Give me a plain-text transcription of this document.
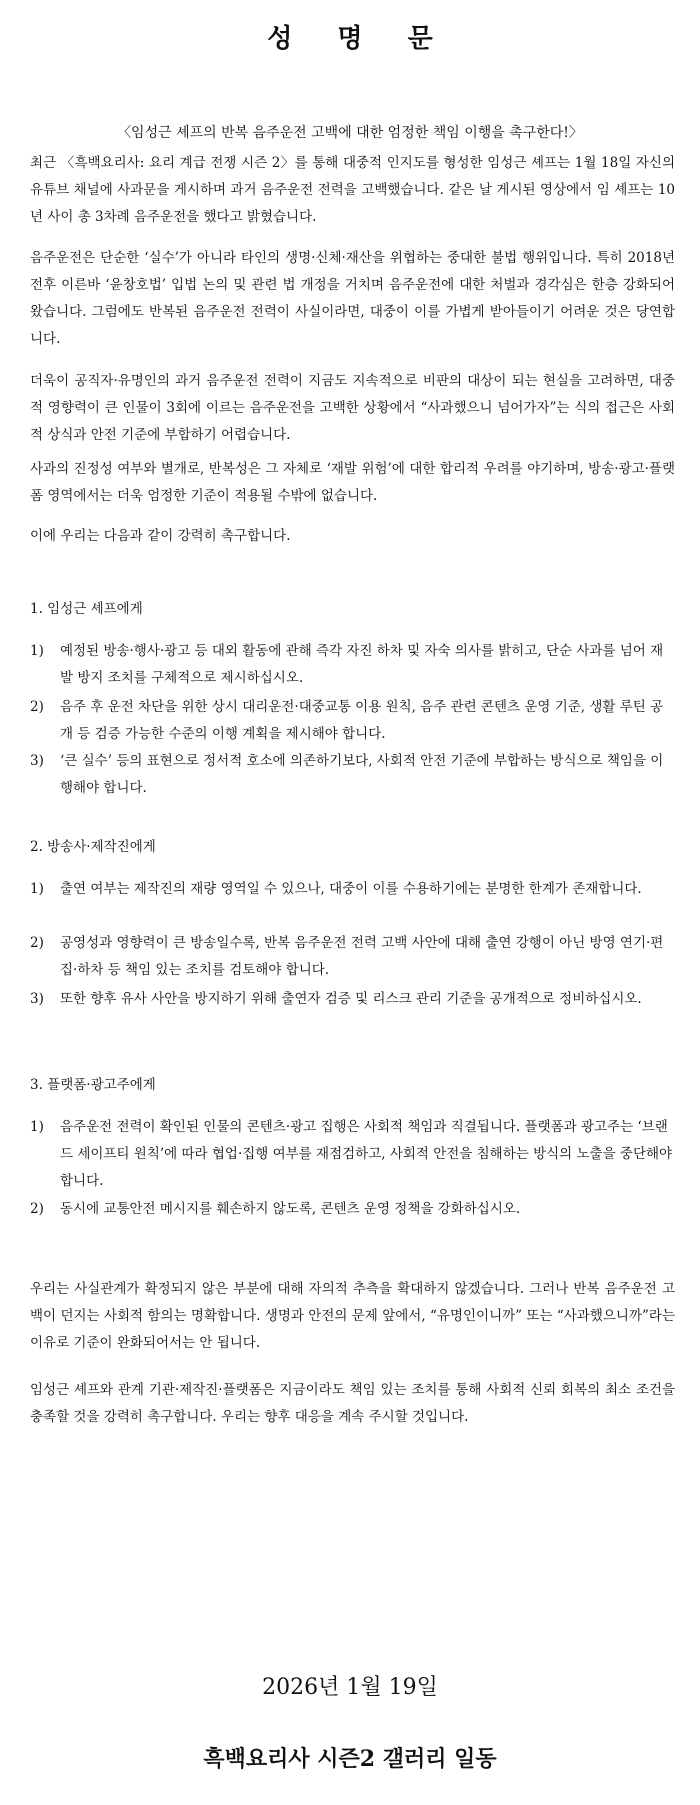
성 명 문
〈임성근 셰프의 반복 음주운전 고백에 대한 엄정한 책임 이행을 촉구한다!〉

최근 〈흑백요리사: 요리 계급 전쟁 시즌 2〉를 통해 대중적 인지도를 형성한 임성근 셰프는 1월 18일 자신의 유튜브 채널에 사과문을 게시하며 과거 음주운전 전력을 고백했습니다. 같은 날 게시된 영상에서 임 셰프는 10년 사이 총 3차례 음주운전을 했다고 밝혔습니다.

음주운전은 단순한 ‘실수’가 아니라 타인의 생명·신체·재산을 위협하는 중대한 불법 행위입니다. 특히 2018년 전후 이른바 ‘윤창호법’ 입법 논의 및 관련 법 개정을 거치며 음주운전에 대한 처벌과 경각심은 한층 강화되어 왔습니다. 그럼에도 반복된 음주운전 전력이 사실이라면, 대중이 이를 가볍게 받아들이기 어려운 것은 당연합니다.

더욱이 공직자·유명인의 과거 음주운전 전력이 지금도 지속적으로 비판의 대상이 되는 현실을 고려하면, 대중적 영향력이 큰 인물이 3회에 이르는 음주운전을 고백한 상황에서 “사과했으니 넘어가자”는 식의 접근은 사회적 상식과 안전 기준에 부합하기 어렵습니다.

사과의 진정성 여부와 별개로, 반복성은 그 자체로 ‘재발 위험’에 대한 합리적 우려를 야기하며, 방송·광고·플랫폼 영역에서는 더욱 엄정한 기준이 적용될 수밖에 없습니다.

이에 우리는 다음과 같이 강력히 촉구합니다.

1. 임성근 셰프에게
1) 예정된 방송·행사·광고 등 대외 활동에 관해 즉각 자진 하차 및 자숙 의사를 밝히고, 단순 사과를 넘어 재발 방지 조치를 구체적으로 제시하십시오.
2) 음주 후 운전 차단을 위한 상시 대리운전·대중교통 이용 원칙, 음주 관련 콘텐츠 운영 기준, 생활 루틴 공개 등 검증 가능한 수준의 이행 계획을 제시해야 합니다.
3) ‘큰 실수’ 등의 표현으로 정서적 호소에 의존하기보다, 사회적 안전 기준에 부합하는 방식으로 책임을 이행해야 합니다.
2. 방송사·제작진에게
1) 출연 여부는 제작진의 재량 영역일 수 있으나, 대중이 이를 수용하기에는 분명한 한계가 존재합니다.
2) 공영성과 영향력이 큰 방송일수록, 반복 음주운전 전력 고백 사안에 대해 출연 강행이 아닌 방영 연기·편집·하차 등 책임 있는 조치를 검토해야 합니다.
3) 또한 향후 유사 사안을 방지하기 위해 출연자 검증 및 리스크 관리 기준을 공개적으로 정비하십시오.
3. 플랫폼·광고주에게
1) 음주운전 전력이 확인된 인물의 콘텐츠·광고 집행은 사회적 책임과 직결됩니다. 플랫폼과 광고주는 ‘브랜드 세이프티 원칙’에 따라 협업·집행 여부를 재점검하고, 사회적 안전을 침해하는 방식의 노출을 중단해야 합니다.
2) 동시에 교통안전 메시지를 훼손하지 않도록, 콘텐츠 운영 정책을 강화하십시오.

우리는 사실관계가 확정되지 않은 부분에 대해 자의적 추측을 확대하지 않겠습니다. 그러나 반복 음주운전 고백이 던지는 사회적 함의는 명확합니다. 생명과 안전의 문제 앞에서, “유명인이니까” 또는 “사과했으니까”라는 이유로 기준이 완화되어서는 안 됩니다.

임성근 셰프와 관계 기관·제작진·플랫폼은 지금이라도 책임 있는 조치를 통해 사회적 신뢰 회복의 최소 조건을 충족할 것을 강력히 촉구합니다. 우리는 향후 대응을 계속 주시할 것입니다.

2026년 1월 19일
흑백요리사 시즌2 갤러리 일동
